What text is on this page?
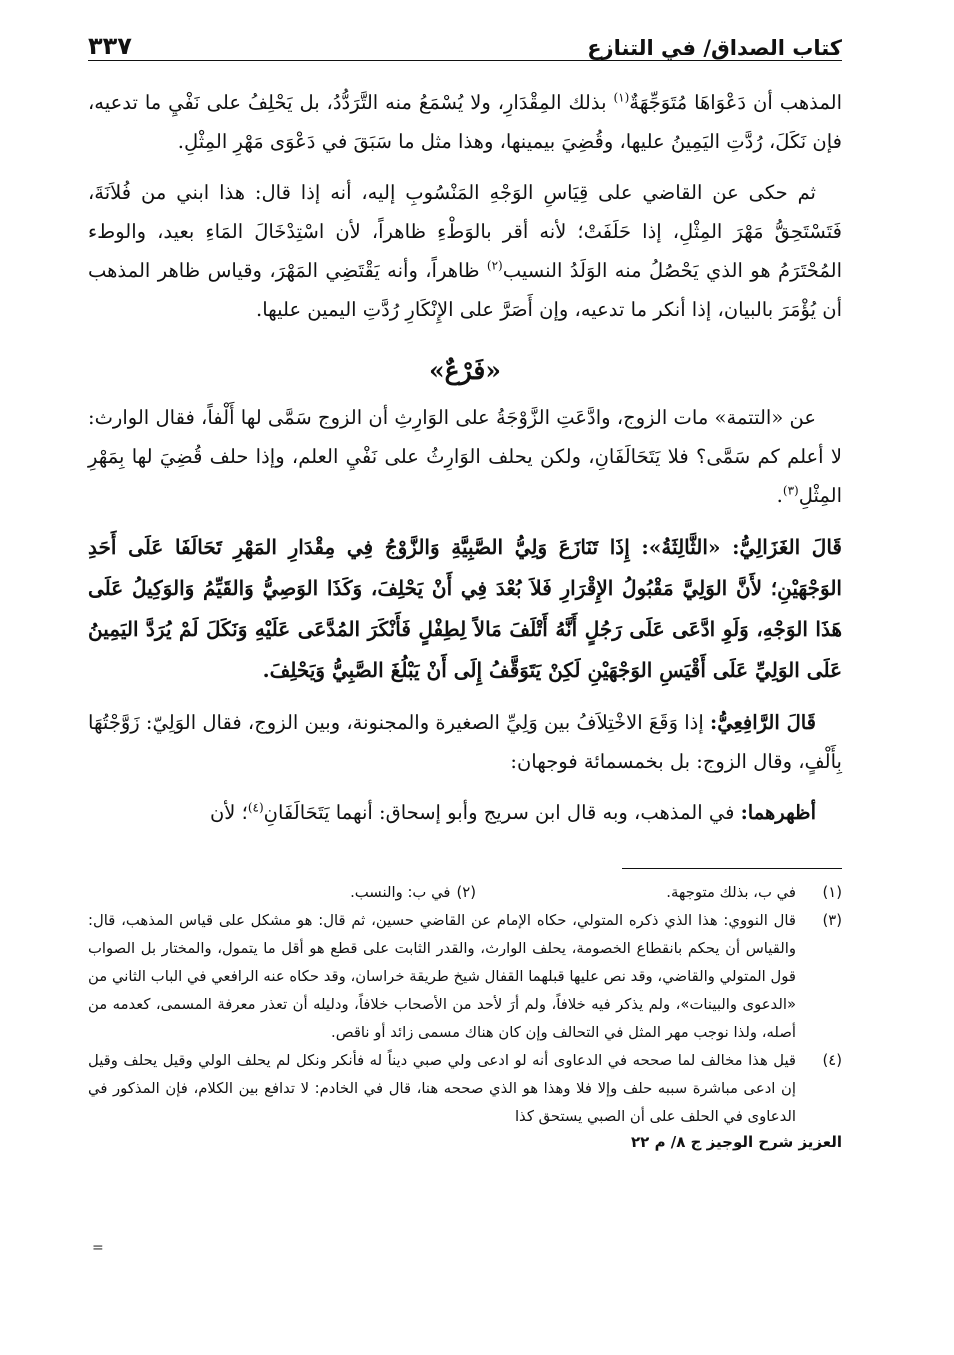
كتاب الصداق/ في التنازع
٣٣٧

المذهب أن دَعْوَاهَا مُتَوَجِّهَةٌ$^{(١)}$ بذلك المِقْدَارِ، ولا يُسْمَعُ منه التَّرَدُّدُ، بل يَحْلِفُ على نَفْيِ ما تدعيه، فإن نَكَلَ، رُدَّتِ اليَمِينُ عليها، وقُضِيَ بيمينها، وهذا مثل ما سَبَقَ في دَعْوَى مَهْرِ المِثْلِ.

ثم حكى عن القاضي على قِيَاسِ الوَجْهِ المَنْسُوبِ إليه، أنه إذا قال: هذا ابني من فُلاَنَةَ، فَتَسْتَحِقُّ مَهْرَ المِثْلِ، إذا حَلَفَتْ؛ لأنه أقر بالوَطْءِ ظاهراً، لأن اسْتِدْخَالَ المَاءِ بعيد، والوطء المُحْتَرَمُ هو الذي يَحْصُلُ منه الوَلَدُ النسيب$^{(٢)}$ ظاهراً، وأنه يَقْتَضِي المَهْرَ، وقياس ظاهر المذهب أن يُؤْمَرَ بالبيان، إذا أنكر ما تدعيه، وإن أَصَرَّ على الإِنْكَارِ رُدَّتِ اليمين عليها.

«فَرْعٌ»

عن «التتمة» مات الزوج، وادَّعَتِ الزَّوْجَةُ على الوَارِثِ أن الزوج سَمَّى لها أَلْفاً، فقال الوارث: لا أعلم كم سَمَّى؟ فلا يَتَحَالَفَانِ، ولكن يحلف الوَارِثُ على نَفْيِ العلم، وإذا حلف قُضِيَ لها بِمَهْرِ المِثْلِ$^{(٣)}$.

قَالَ الغَزَالِيُّ: «الثَّالِثَةُ»: إِذَا تَنَازَعَ وَلِيُّ الصَّبِيَّةِ وَالزَّوْجُ فِي مِقْدَارِ المَهْرِ تَحَالَفَا عَلَى أَحَدِ الوَجْهَيْنِ؛ لأَنَّ الوَلِيَّ مَقْبُولُ الإِقْرَارِ فَلاَ بُعْدَ فِي أَنْ يَحْلِفَ، وَكَذَا الوَصِيُّ وَالقَيِّمُ وَالوَكِيلُ عَلَى هَذَا الوَجْهِ، وَلَوِ ادَّعَى عَلَى رَجُلٍ أَنَّهُ أَتْلَفَ مَالاً لِطِفْلٍ فَأَنْكَرَ المُدَّعَى عَلَيْهِ وَنَكَلَ لَمْ يُرَدَّ اليَمِينُ عَلَى الوَلِيِّ عَلَى أَقْيَسِ الوَجْهَيْنِ لَكِنْ يَتَوَقَّفُ إِلَى أَنْ يَبْلُغَ الصَّبِيُّ وَيَحْلِفَ.

قَالَ الرَّافِعِيُّ: إذا وَقَعَ الاخْتِلاَفُ بين وَلِيِّ الصغيرة والمجنونة، وبين الزوج، فقال الوَلِيّ: زَوَّجْتُهَا بِأَلْفٍ، وقال الزوج: بل بخمسمائة فوجهان:

أظهرهما: في المذهب، وبه قال ابن سريج وأبو إسحاق: أنهما يَتَحَالَفَانِ$^{(٤)}$؛ لأن

(١)
في ب، بذلك متوجهة.
(٢)
في ب: والنسب.
(٣)
قال النووي: هذا الذي ذكره المتولي، حكاه الإمام عن القاضي حسين، ثم قال: هو مشكل على قياس المذهب، قال: والقياس أن يحكم بانقطاع الخصومة، يحلف الوارث، والقدر الثابت على قطع هو أقل ما يتمول، والمختار بل الصواب قول المتولي والقاضي، وقد نص عليها قبلهما القفال شيخ طريقة خراسان، وقد حكاه عنه الرافعي في الباب الثاني من «الدعوى والبينات»، ولم يذكر فيه خلافاً، ولم أرَ لأحد من الأصحاب خلافاً، ودليله أن تعذر معرفة المسمى، كعدمه من أصله، ولذا نوجب مهر المثل في التحالف وإن كان هناك مسمى زائد أو ناقص.
(٤)
قيل هذا مخالف لما صححه في الدعاوى أنه لو ادعى ولي صبي ديناً له فأنكر ونكل لم يحلف الولي وقيل يحلف وقيل إن ادعى مباشرة سببه حلف وإلا فلا وهذا هو الذي صححه هنا، قال في الخادم: لا تدافع بين الكلام، فإن المذكور في الدعاوى في الحلف على أن الصبي يستحق كذا
العزيز شرح الوجيز ج ٨/ م ٢٢
=
